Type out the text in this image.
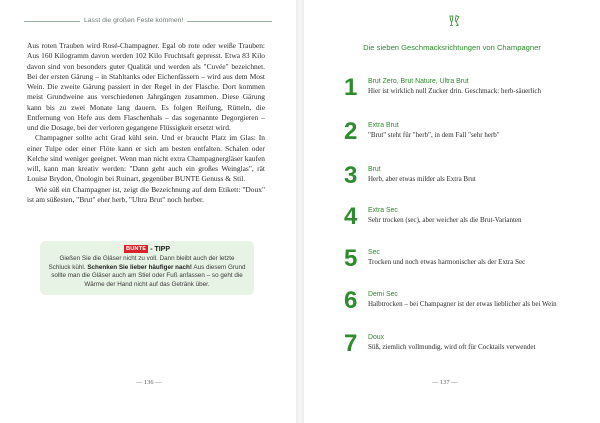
Lasst die großen Feste kommen!

Aus roten Trauben wird Rosé-Champagner. Egal ob rote oder weiße Trauben: Aus 160 Kilogramm davon werden 102 Kilo Fruchtsaft gepresst. Etwa 83 Kilo davon sind von besonders guter Qualität und werden als "Cuvée" bezeichnet. Bei der ersten Gärung – in Stahltanks oder Eichenfässern – wird aus dem Most Wein. Die zweite Gärung passiert in der Regel in der Flasche. Dort kommen meist Grundweine aus verschiedenen Jahrgängen zusammen. Diese Gärung kann bis zu zwei Monate lang dauern. Es folgen Reifung, Rütteln, die Entfernung von Hefe aus dem Flaschenhals – das sogenannte Degorgieren – und die Dosage, bei der verloren gegangene Flüssigkeit ersetzt wird.

Champagner sollte acht Grad kühl sein. Und er braucht Platz im Glas: In einer Tulpe oder einer Flöte kann er sich am besten entfalten. Schalen oder Kelche sind weniger geeignet. Wenn man nicht extra Champagnergläser kaufen will, kann man kreativ werden: "Dann geht auch ein großes Weinglas", rät Louise Brydon, Önologin bei Ruinart, gegenüber BUNTE Genuss & Stil.

Wie süß ein Champagner ist, zeigt die Bezeichnung auf dem Etikett: "Doux" ist am süßesten, "Brut" eher herb, "Ultra Brut" noch herber.

BUNTE - TIPP
Gießen Sie die Gläser nicht zu voll. Dann bleibt auch der letzte Schluck kühl. Schenken Sie lieber häufiger nach! Aus diesem Grund sollte man die Gläser auch am Stiel oder Fuß anfassen – so geht die Wärme der Hand nicht auf das Getränk über.
— 136 —
Die sieben Geschmacksrichtungen von Champagner
1	Brut Zero, Brut Nature, Ultra Brut
Hier ist wirklich null Zucker drin. Geschmack: herb-säuerlich
2	Extra Brut
"Brut" steht für "herb", in dem Fall "sehr herb"
3	Brut
Herb, aber etwas milder als Extra Brut
4	Extra Sec
Sehr trocken (sec), aber weicher als die Brut-Varianten
5	Sec
Trocken und noch etwas harmonischer als der Extra Sec
6	Demi Sec
Halbtrocken – bei Champagner ist der etwas lieblicher als bei Wein
7	Doux
Süß, ziemlich vollmundig, wird oft für Cocktails verwendet
— 137 —
